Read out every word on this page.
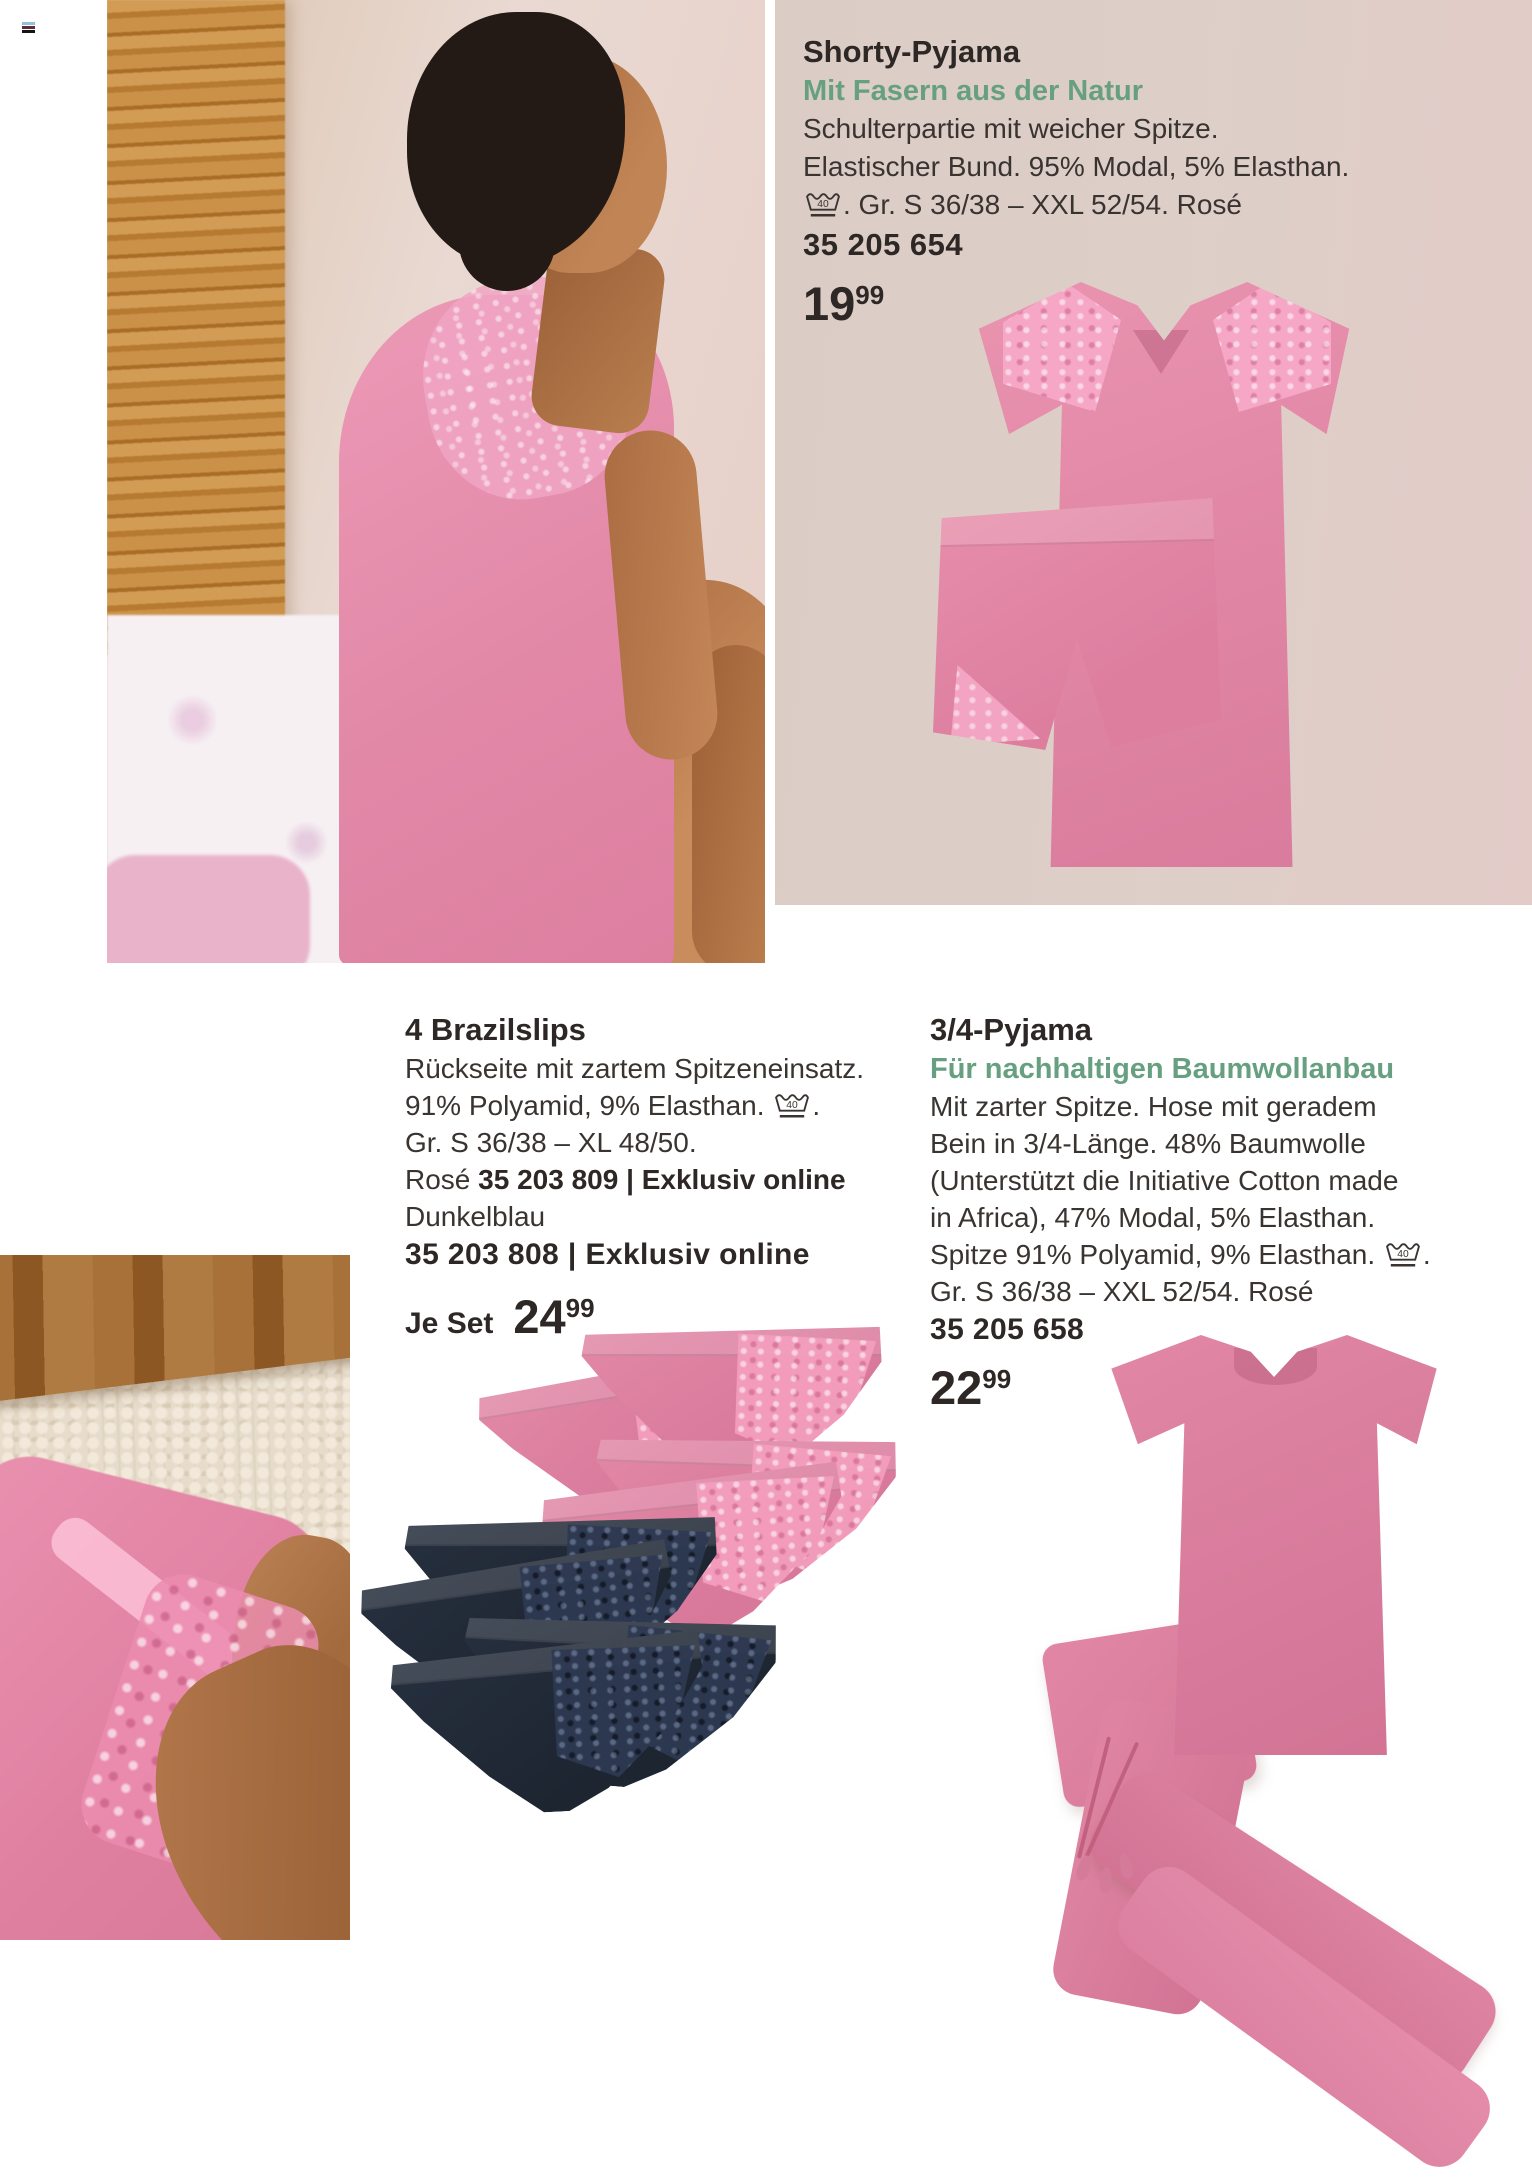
Shorty-Pyjama
Mit Fasern aus der Natur
Schulterpartie mit weicher Spitze.
Elastischer Bund. 95% Modal, 5% Elasthan.
40 . Gr. S 36/38 – XXL 52/54. Rosé
35 205 654
$19^{99}$
4 Brazilslips
Rückseite mit zartem Spitzeneinsatz.
91% Polyamid, 9% Elasthan. 40 .
Gr. S 36/38 – XL 48/50.
Rosé 35 203 809 | Exklusiv online
Dunkelblau
35 203 808 | Exklusiv online
Je Set $24^{99}$
3/4-Pyjama
Für nachhaltigen Baumwollanbau
Mit zarter Spitze. Hose mit geradem
Bein in 3/4-Länge. 48% Baumwolle
(Unterstützt die Initiative Cotton made
in Africa), 47% Modal, 5% Elasthan.
Spitze 91% Polyamid, 9% Elasthan. 40 .
Gr. S 36/38 – XXL 52/54. Rosé
35 205 658
$22^{99}$
